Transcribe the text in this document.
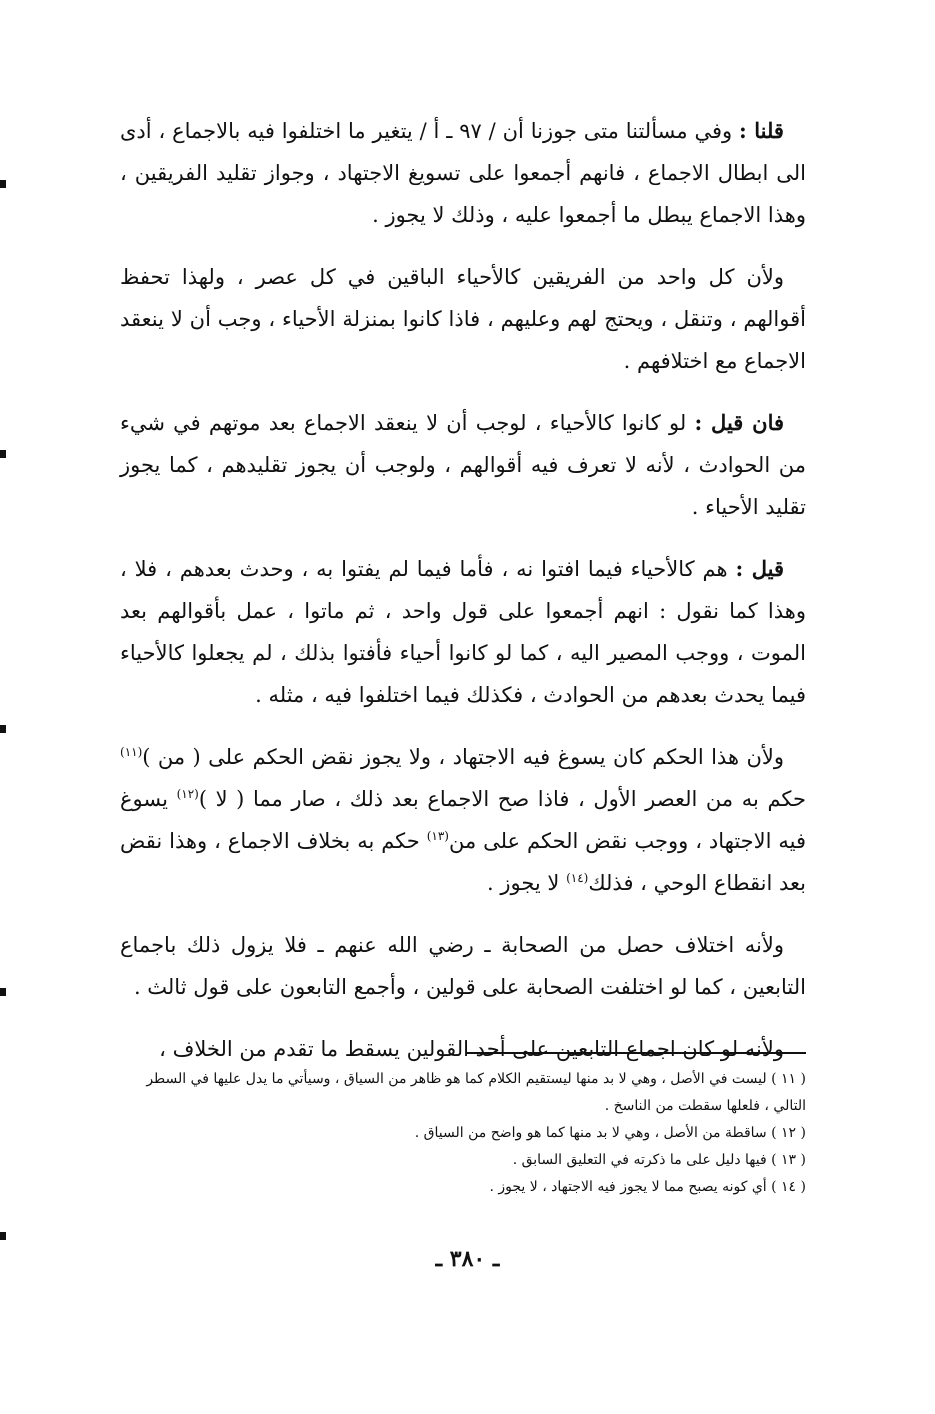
قلنا : وفي مسألتنا متى جوزنا أن / ٩٧ ـ أ / يتغير ما اختلفوا فيه بالاجماع ، أدى الى ابطال الاجماع ، فانهم أجمعوا على تسويغ الاجتهاد ، وجواز تقليد الفريقين ، وهذا الاجماع يبطل ما أجمعوا عليه ، وذلك لا يجوز .

ولأن كل واحد من الفريقين كالأحياء الباقين في كل عصر ، ولهذا تحفظ أقوالهم ، وتنقل ، ويحتج لهم وعليهم ، فاذا كانوا بمنزلة الأحياء ، وجب أن لا ينعقد الاجماع مع اختلافهم .

فان قيل : لو كانوا كالأحياء ، لوجب أن لا ينعقد الاجماع بعد موتهم في شيء من الحوادث ، لأنه لا تعرف فيه أقوالهم ، ولوجب أن يجوز تقليدهم ، كما يجوز تقليد الأحياء .

قيل : هم كالأحياء فيما افتوا نه ، فأما فيما لم يفتوا به ، وحدث بعدهم ، فلا ، وهذا كما نقول : انهم أجمعوا على قول واحد ، ثم ماتوا ، عمل بأقوالهم بعد الموت ، ووجب المصير اليه ، كما لو كانوا أحياء فأفتوا بذلك ، لم يجعلوا كالأحياء فيما يحدث بعدهم من الحوادث ، فكذلك فيما اختلفوا فيه ، مثله .

ولأن هذا الحكم كان يسوغ فيه الاجتهاد ، ولا يجوز نقض الحكم على ( من )$^{(١١)}$ حكم به من العصر الأول ، فاذا صح الاجماع بعد ذلك ، صار مما ( لا )$^{(١٢)}$ يسوغ فيه الاجتهاد ، ووجب نقض الحكم على من$^{(١٣)}$ حكم به بخلاف الاجماع ، وهذا نقض بعد انقطاع الوحي ، فذلك$^{(١٤)}$ لا يجوز .

ولأنه اختلاف حصل من الصحابة ـ رضي الله عنهم ـ فلا يزول ذلك باجماع التابعين ، كما لو اختلفت الصحابة على قولين ، وأجمع التابعون على قول ثالث .

ولأنه لو كان اجماع التابعين على أحد القولين يسقط ما تقدم من الخلاف ،

( ١١ ) ليست في الأصل ، وهي لا بد منها ليستقيم الكلام كما هو ظاهر من السياق ، وسيأتي ما يدل عليها في السطر التالي ، فلعلها سقطت من الناسخ .

( ١٢ ) ساقطة من الأصل ، وهي لا بد منها كما هو واضح من السياق .

( ١٣ ) فيها دليل على ما ذكرته في التعليق السابق .

( ١٤ ) أي كونه يصبح مما لا يجوز فيه الاجتهاد ، لا يجوز .

ـ ٣٨٠ ـ
